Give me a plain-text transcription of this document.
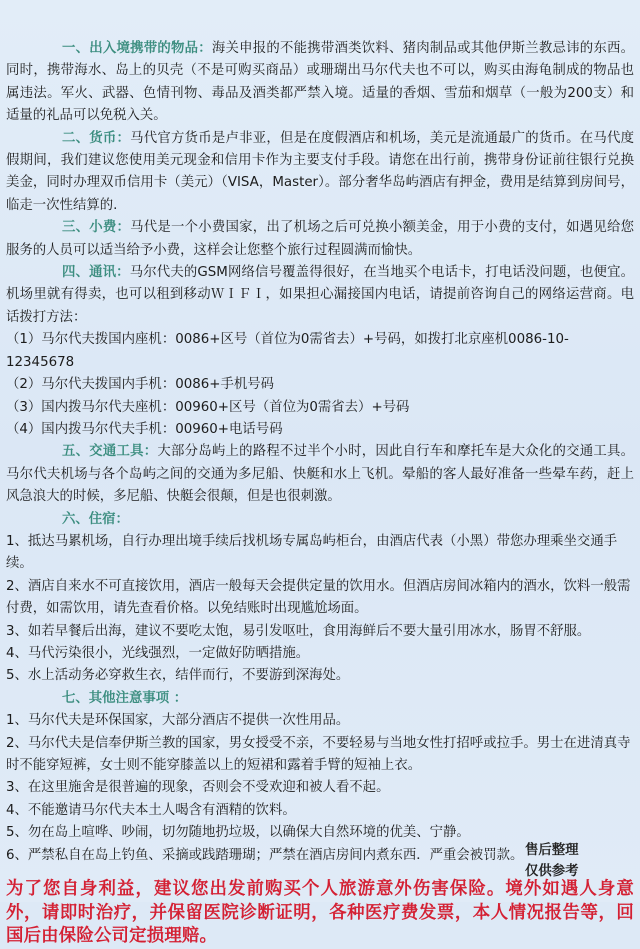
一、出入境携带的物品：海关申报的不能携带酒类饮料、猪肉制品或其他伊斯兰教忌讳的东西。同时，携带海水、岛上的贝壳（不是可购买商品）或珊瑚出马尔代夫也不可以，购买由海龟制成的物品也属违法。军火、武器、色情刊物、毒品及酒类都严禁入境。适量的香烟、雪茄和烟草（一般为200支）和适量的礼品可以免税入关。

二、货币：马代官方货币是卢非亚，但是在度假酒店和机场，美元是流通最广的货币。在马代度假期间，我们建议您使用美元现金和信用卡作为主要支付手段。请您在出行前，携带身份证前往银行兑换美金，同时办理双币信用卡（美元）（VISA，Master）。部分奢华岛屿酒店有押金，费用是结算到房间号，临走一次性结算的.

三、小费：马代是一个小费国家，出了机场之后可兑换小额美金，用于小费的支付，如遇见给您服务的人员可以适当给予小费，这样会让您整个旅行过程圆满而愉快。

四、通讯：马尔代夫的GSM网络信号覆盖得很好，在当地买个电话卡，打电话没问题，也便宜。机场里就有得卖，也可以租到移动ＷＩＦＩ，如果担心漏接国内电话，请提前咨询自己的网络运营商。电话拨打方法：

（1）马尔代夫拨国内座机：0086+区号（首位为0需省去）+号码，如拨打北京座机0086-10-12345678

（2）马尔代夫拨国内手机：0086+手机号码

（3）国内拨马尔代夫座机：00960+区号（首位为0需省去）+号码

（4）国内拨马尔代夫手机：00960+电话号码

五、交通工具：大部分岛屿上的路程不过半个小时，因此自行车和摩托车是大众化的交通工具。马尔代夫机场与各个岛屿之间的交通为多尼船、快艇和水上飞机。晕船的客人最好准备一些晕车药，赶上风急浪大的时候，多尼船、快艇会很颠，但是也很刺激。

六、住宿：

1、抵达马累机场，自行办理出境手续后找机场专属岛屿柜台，由酒店代表（小黑）带您办理乘坐交通手续。

2、酒店自来水不可直接饮用，酒店一般每天会提供定量的饮用水。但酒店房间冰箱内的酒水，饮料一般需付费，如需饮用，请先查看价格。以免结账时出现尴尬场面。

3、如若早餐后出海，建议不要吃太饱，易引发呕吐，食用海鲜后不要大量引用冰水，肠胃不舒服。

4、马代污染很小，光线强烈，一定做好防晒措施。

5、水上活动务必穿救生衣，结伴而行，不要游到深海处。

七、其他注意事项 ：

1、马尔代夫是环保国家，大部分酒店不提供一次性用品。

2、马尔代夫是信奉伊斯兰教的国家，男女授受不亲，不要轻易与当地女性打招呼或拉手。男士在进清真寺时不能穿短裤，女士则不能穿膝盖以上的短裙和露着手臂的短袖上衣。

3、在这里施舍是很普遍的现象，否则会不受欢迎和被人看不起。

4、不能邀请马尔代夫本土人喝含有酒精的饮料。

5、勿在岛上喧哗、吵闹，切勿随地扔垃圾，以确保大自然环境的优美、宁静。

6、严禁私自在岛上钓鱼、采摘或践踏珊瑚；严禁在酒店房间内煮东西．严重会被罚款。

为了您自身利益，建议您出发前购买个人旅游意外伤害保险。境外如遇人身意外，请即时治疗，并保留医院诊断证明，各种医疗费发票，本人情况报告等，回国后由保险公司定损理赔。

售后整理
仅供参考
